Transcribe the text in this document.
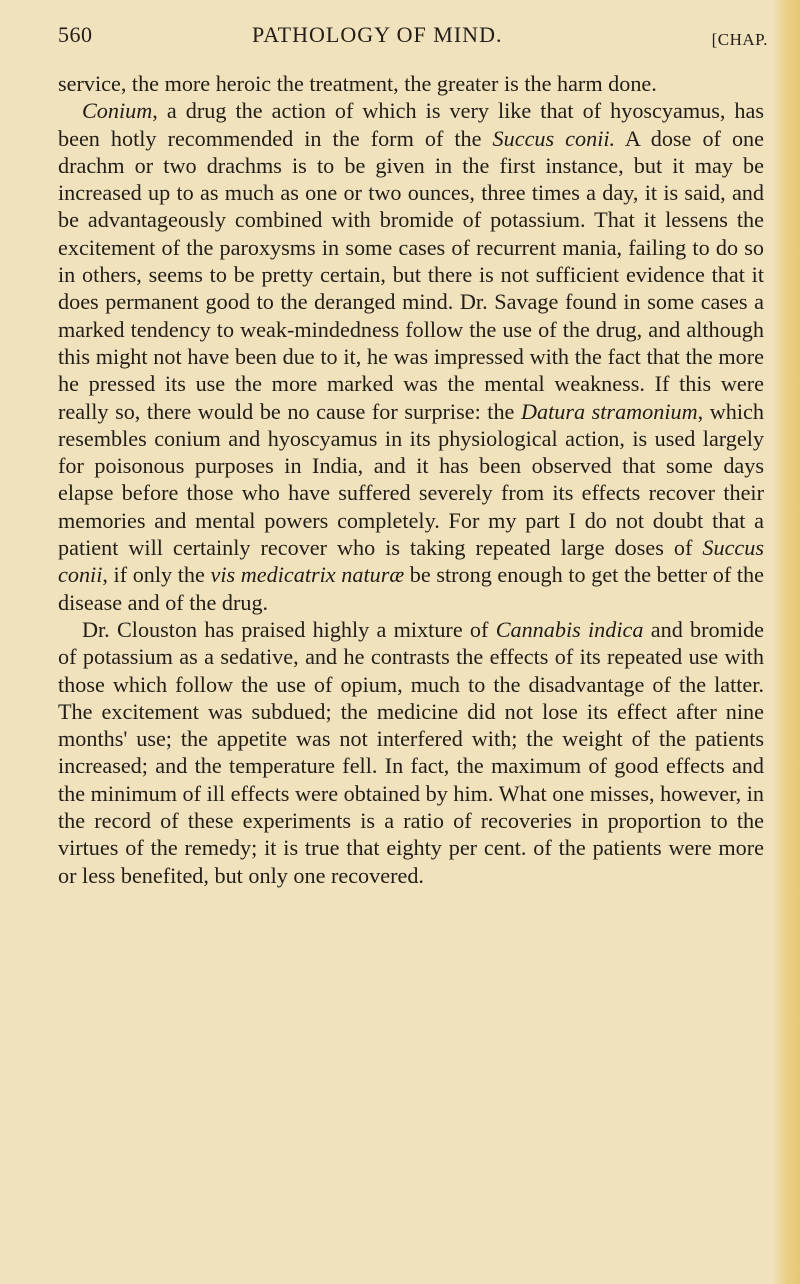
560	PATHOLOGY OF MIND.	[CHAP.

service, the more heroic the treatment, the greater is the harm done.

Conium, a drug the action of which is very like that of hyoscyamus, has been hotly recommended in the form of the Succus conii. A dose of one drachm or two drachms is to be given in the first instance, but it may be increased up to as much as one or two ounces, three times a day, it is said, and be advantageously combined with bromide of potassium. That it lessens the excitement of the paroxysms in some cases of recurrent mania, failing to do so in others, seems to be pretty certain, but there is not sufficient evidence that it does permanent good to the deranged mind. Dr. Savage found in some cases a marked tendency to weak-mindedness follow the use of the drug, and although this might not have been due to it, he was impressed with the fact that the more he pressed its use the more marked was the mental weakness. If this were really so, there would be no cause for surprise: the Datura stramonium, which resembles conium and hyoscyamus in its physiological action, is used largely for poisonous purposes in India, and it has been observed that some days elapse before those who have suffered severely from its effects recover their memories and mental powers completely. For my part I do not doubt that a patient will certainly recover who is taking repeated large doses of Succus conii, if only the vis medicatrix naturæ be strong enough to get the better of the disease and of the drug.

Dr. Clouston has praised highly a mixture of Cannabis indica and bromide of potassium as a sedative, and he contrasts the effects of its repeated use with those which follow the use of opium, much to the disadvantage of the latter. The excitement was subdued; the medicine did not lose its effect after nine months' use; the appetite was not interfered with; the weight of the patients increased; and the temperature fell. In fact, the maximum of good effects and the minimum of ill effects were obtained by him. What one misses, however, in the record of these experiments is a ratio of recoveries in proportion to the virtues of the remedy; it is true that eighty per cent. of the patients were more or less benefited, but only one recovered.
